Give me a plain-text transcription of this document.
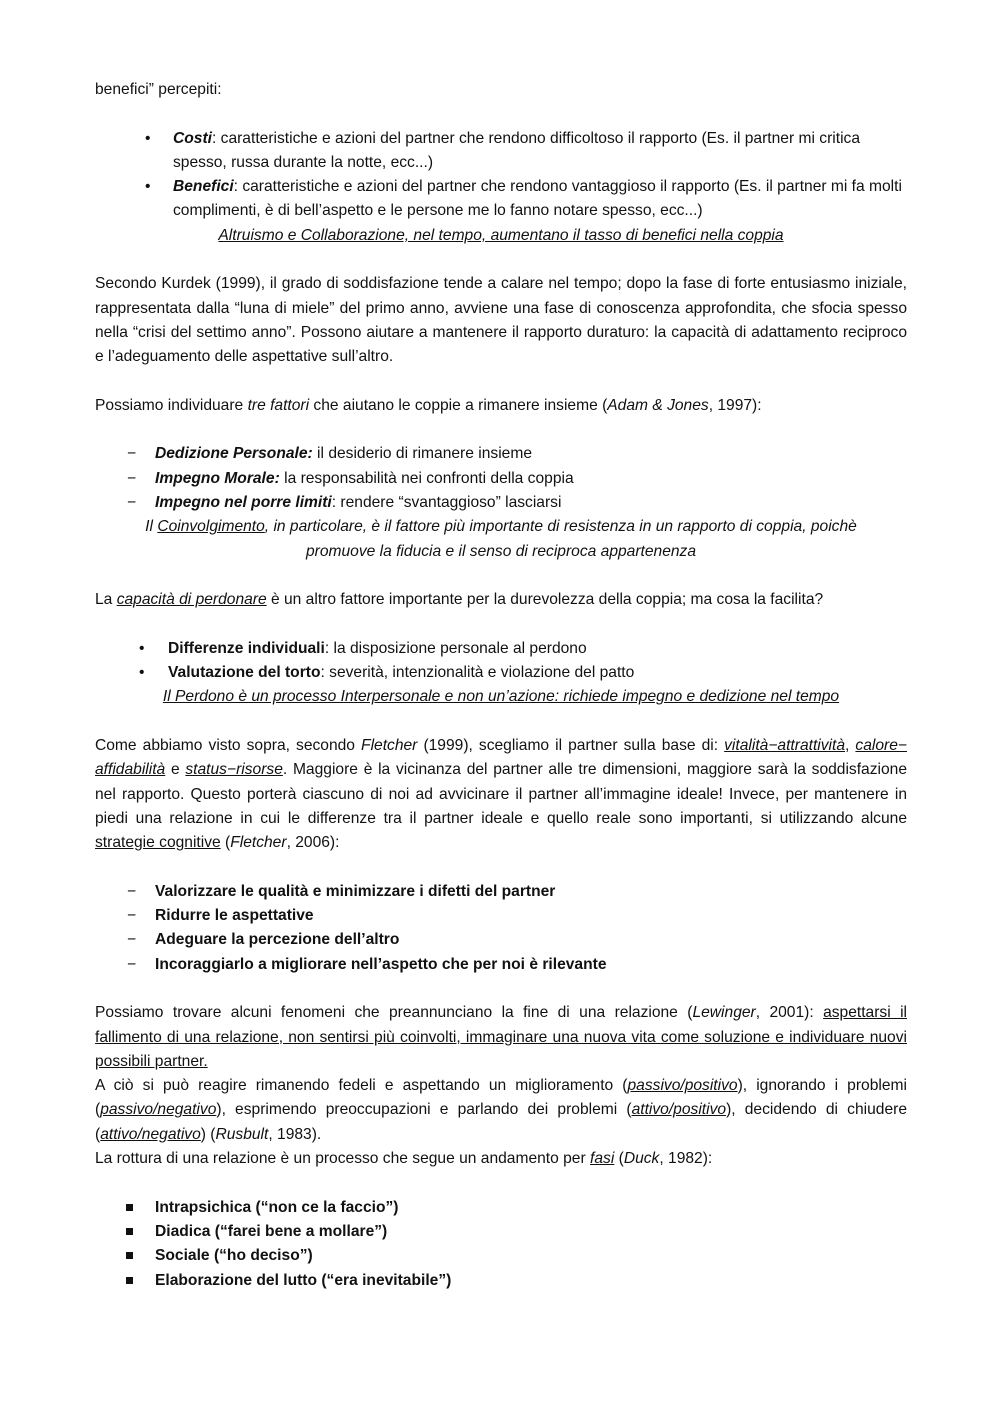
benefici” percepiti:

• Costi: caratteristiche e azioni del partner che rendono difficoltoso il rapporto (Es. il partner mi critica spesso, russa durante la notte, ecc...)
• Benefici: caratteristiche e azioni del partner che rendono vantaggioso il rapporto (Es. il partner mi fa molti complimenti, è di bell’aspetto e le persone me lo fanno notare spesso, ecc...)

Altruismo e Collaborazione, nel tempo, aumentano il tasso di benefici nella coppia

Secondo Kurdek (1999), il grado di soddisfazione tende a calare nel tempo; dopo la fase di forte entusiasmo iniziale, rappresentata dalla “luna di miele” del primo anno, avviene una fase di conoscenza approfondita, che sfocia spesso nella “crisi del settimo anno”. Possono aiutare a mantenere il rapporto duraturo: la capacità di adattamento reciproco e l’adeguamento delle aspettative sull’altro.

Possiamo individuare tre fattori che aiutano le coppie a rimanere insieme (Adam & Jones, 1997):

− Dedizione Personale: il desiderio di rimanere insieme
− Impegno Morale: la responsabilità nei confronti della coppia
− Impegno nel porre limiti: rendere “svantaggioso” lasciarsi

Il Coinvolgimento, in particolare, è il fattore più importante di resistenza in un rapporto di coppia, poichè
promuove la fiducia e il senso di reciproca appartenenza

La capacità di perdonare è un altro fattore importante per la durevolezza della coppia; ma cosa la facilita?

• Differenze individuali: la disposizione personale al perdono
• Valutazione del torto: severità, intenzionalità e violazione del patto

Il Perdono è un processo Interpersonale e non un’azione: richiede impegno e dedizione nel tempo

Come abbiamo visto sopra, secondo Fletcher (1999), scegliamo il partner sulla base di: vitalità−attrattività, calore− affidabilità e status−risorse. Maggiore è la vicinanza del partner alle tre dimensioni, maggiore sarà la soddisfazione nel rapporto. Questo porterà ciascuno di noi ad avvicinare il partner all’immagine ideale! Invece, per mantenere in piedi una relazione in cui le differenze tra il partner ideale e quello reale sono importanti, si utilizzando alcune strategie cognitive (Fletcher, 2006):

− Valorizzare le qualità e minimizzare i difetti del partner
− Ridurre le aspettative
− Adeguare la percezione dell’altro
− Incoraggiarlo a migliorare nell’aspetto che per noi è rilevante

Possiamo trovare alcuni fenomeni che preannunciano la fine di una relazione (Lewinger, 2001): aspettarsi il fallimento di una relazione, non sentirsi più coinvolti, immaginare una nuova vita come soluzione e individuare nuovi possibili partner.

A ciò si può reagire rimanendo fedeli e aspettando un miglioramento (passivo/positivo), ignorando i problemi (passivo/negativo), esprimendo preoccupazioni e parlando dei problemi (attivo/positivo), decidendo di chiudere (attivo/negativo) (Rusbult, 1983).

La rottura di una relazione è un processo che segue un andamento per fasi (Duck, 1982):

Intrapsichica (“non ce la faccio”)
Diadica (“farei bene a mollare”)
Sociale (“ho deciso”)
Elaborazione del lutto (“era inevitabile”)
